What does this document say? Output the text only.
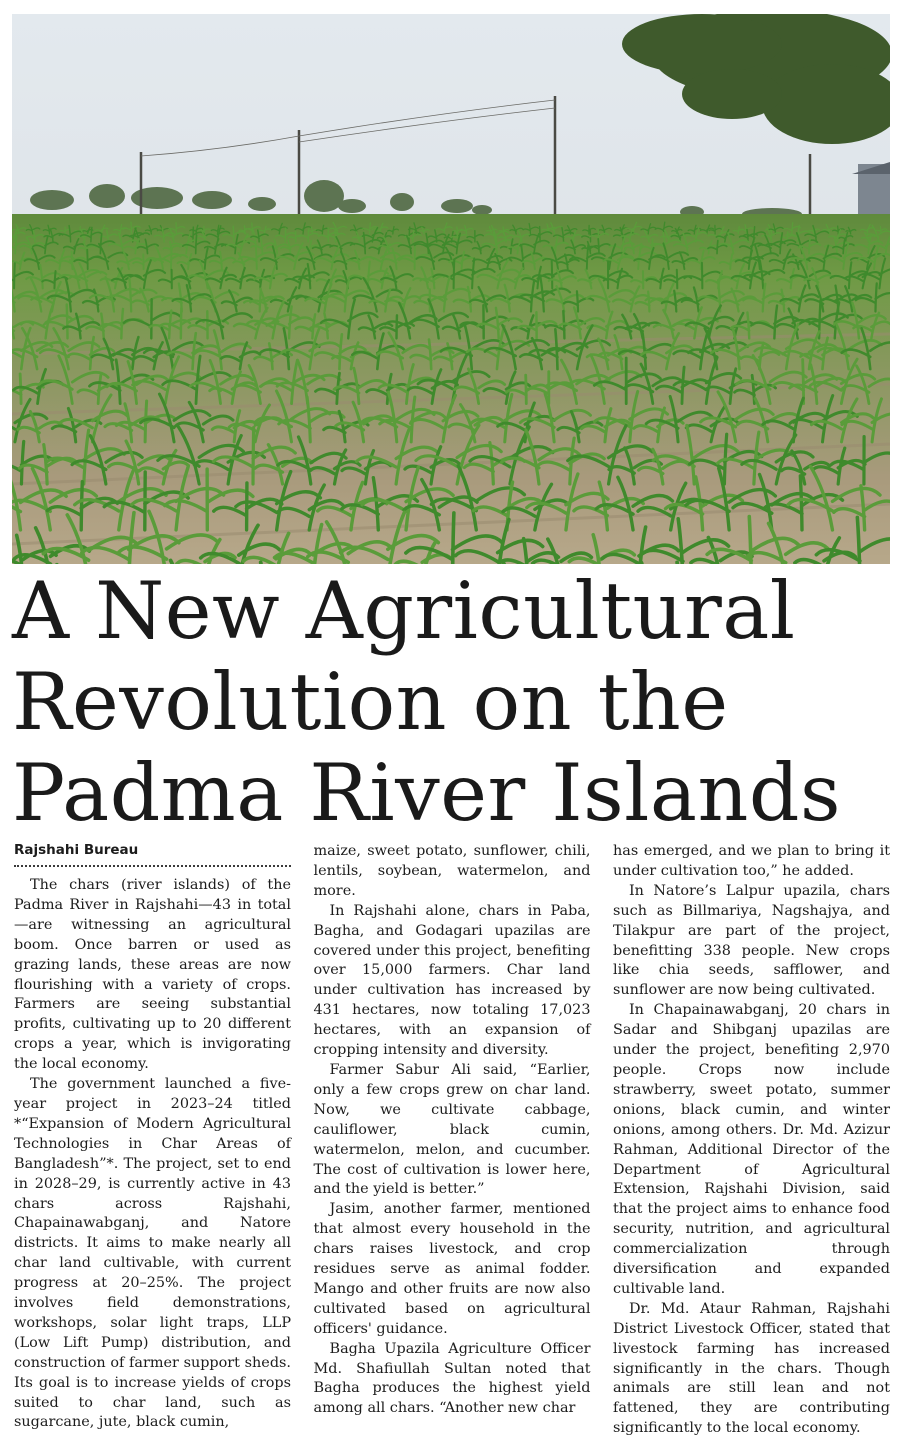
A New Agricultural
Revolution on the
Padma River Islands
Rajshahi Bureau

The chars (river islands) of the Padma River in Rajshahi—43 in total—are witnessing an agricultural boom. Once barren or used as grazing lands, these areas are now flourishing with a variety of crops. Farmers are seeing substantial profits, cultivating up to 20 different crops a year, which is invigorating the local economy.

The government launched a five-year project in 2023–24 titled *“Expansion of Modern Agricultural Technologies in Char Areas of Bangladesh”*. The project, set to end in 2028–29, is currently active in 43 chars across Rajshahi, Chapainawabganj, and Natore districts. It aims to make nearly all char land cultivable, with current progress at 20–25%. The project involves field demonstrations, workshops, solar light traps, LLP (Low Lift Pump) distribution, and construction of farmer support sheds. Its goal is to increase yields of crops suited to char land, such as sugarcane, jute, black cumin,

maize, sweet potato, sunflower, chili, lentils, soybean, watermelon, and more.

In Rajshahi alone, chars in Paba, Bagha, and Godagari upazilas are covered under this project, benefiting over 15,000 farmers. Char land under cultivation has increased by 431 hectares, now totaling 17,023 hectares, with an expansion of cropping intensity and diversity.

Farmer Sabur Ali said, “Earlier, only a few crops grew on char land. Now, we cultivate cabbage, cauliflower, black cumin, watermelon, melon, and cucumber. The cost of cultivation is lower here, and the yield is better.”

Jasim, another farmer, mentioned that almost every household in the chars raises livestock, and crop residues serve as animal fodder. Mango and other fruits are now also cultivated based on agricultural officers' guidance.

Bagha Upazila Agriculture Officer Md. Shafiullah Sultan noted that Bagha produces the highest yield among all chars. “Another new char

has emerged, and we plan to bring it under cultivation too,” he added.

In Natore’s Lalpur upazila, chars such as Billmariya, Nagshajya, and Tilakpur are part of the project, benefitting 338 people. New crops like chia seeds, safflower, and sunflower are now being cultivated.

In Chapainawabganj, 20 chars in Sadar and Shibganj upazilas are under the project, benefiting 2,970 people. Crops now include strawberry, sweet potato, summer onions, black cumin, and winter onions, among others. Dr. Md. Azizur Rahman, Additional Director of the Department of Agricultural Extension, Rajshahi Division, said that the project aims to enhance food security, nutrition, and agricultural commercialization through diversification and expanded cultivable land.

Dr. Md. Ataur Rahman, Rajshahi District Livestock Officer, stated that livestock farming has increased significantly in the chars. Though animals are still lean and not fattened, they are contributing significantly to the local economy.
